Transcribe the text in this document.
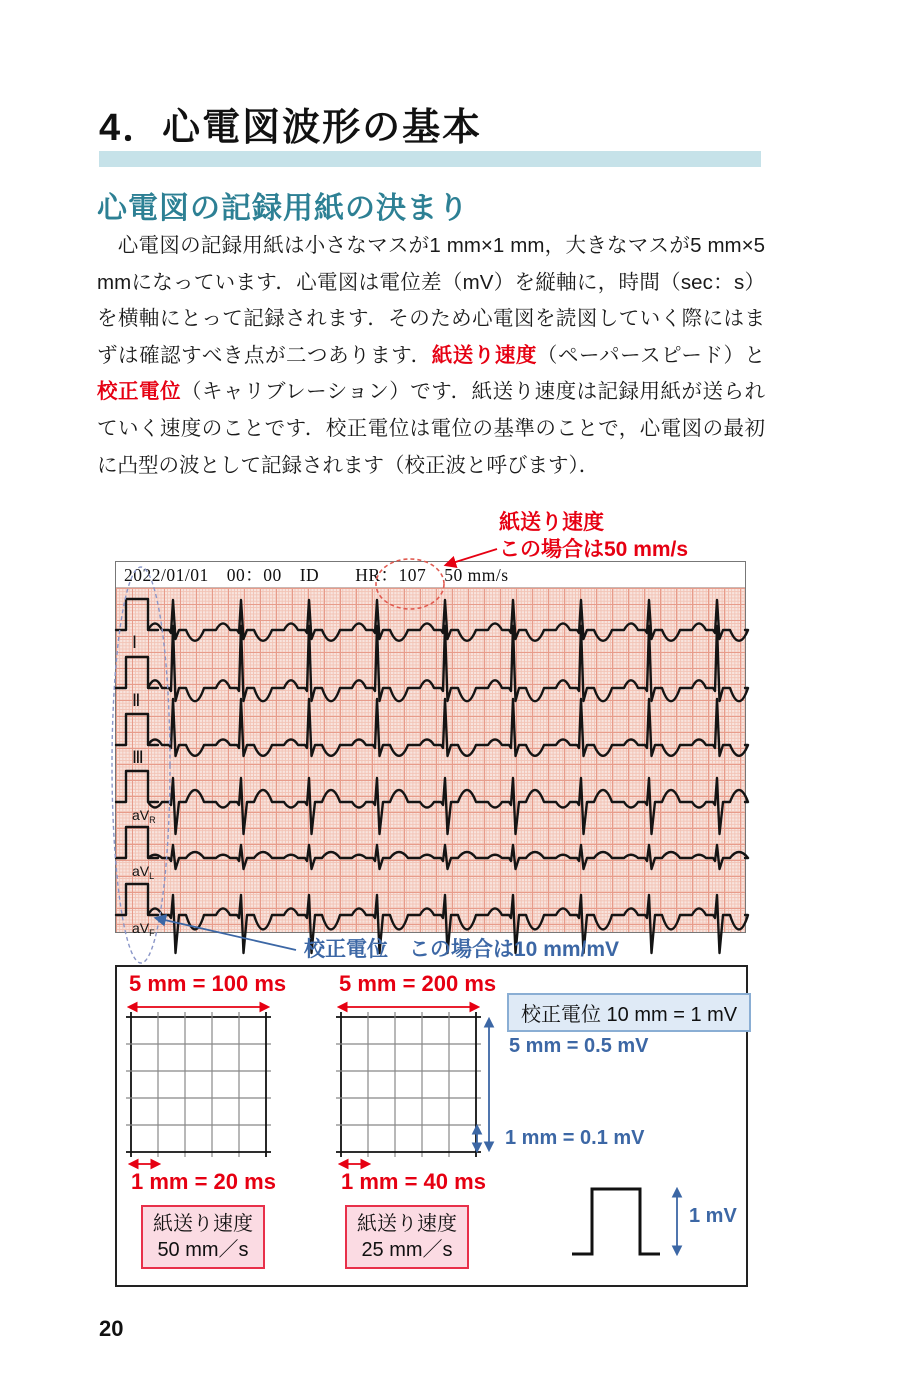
4．心電図波形の基本
心電図の記録用紙の決まり
　心電図の記録用紙は小さなマスが1 mm×1 mm，大きなマスが5 mm×5 mmになっています．心電図は電位差（mV）を縦軸に，時間（sec：s）を横軸にとって記録されます．そのため心電図を読図していく際にはまずは確認すべき点が二つあります．紙送り速度（ペーパースピード）と校正電位（キャリブレーション）です．紙送り速度は記録用紙が送られていく速度のことです．校正電位は電位の基準のことで，心電図の最初に凸型の波として記録されます（校正波と呼びます）．
紙送り速度
この場合は50 mm/s
2022/01/01　00：00　ID　　HR：107　50 mm/s
Ⅰ
Ⅱ
Ⅲ
$aV_R$
$aV_L$
$aV_F$
校正電位　この場合は10 mm/mV
5 mm = 100 ms 5 mm = 200 ms
1 mm = 20 ms	1 mm = 40 ms
紙送り速度
50 mm／s
紙送り速度
25 mm／s
校正電位 10 mm = 1 mV
5 mm = 0.5 mV
1 mm = 0.1 mV
1 mV
20
